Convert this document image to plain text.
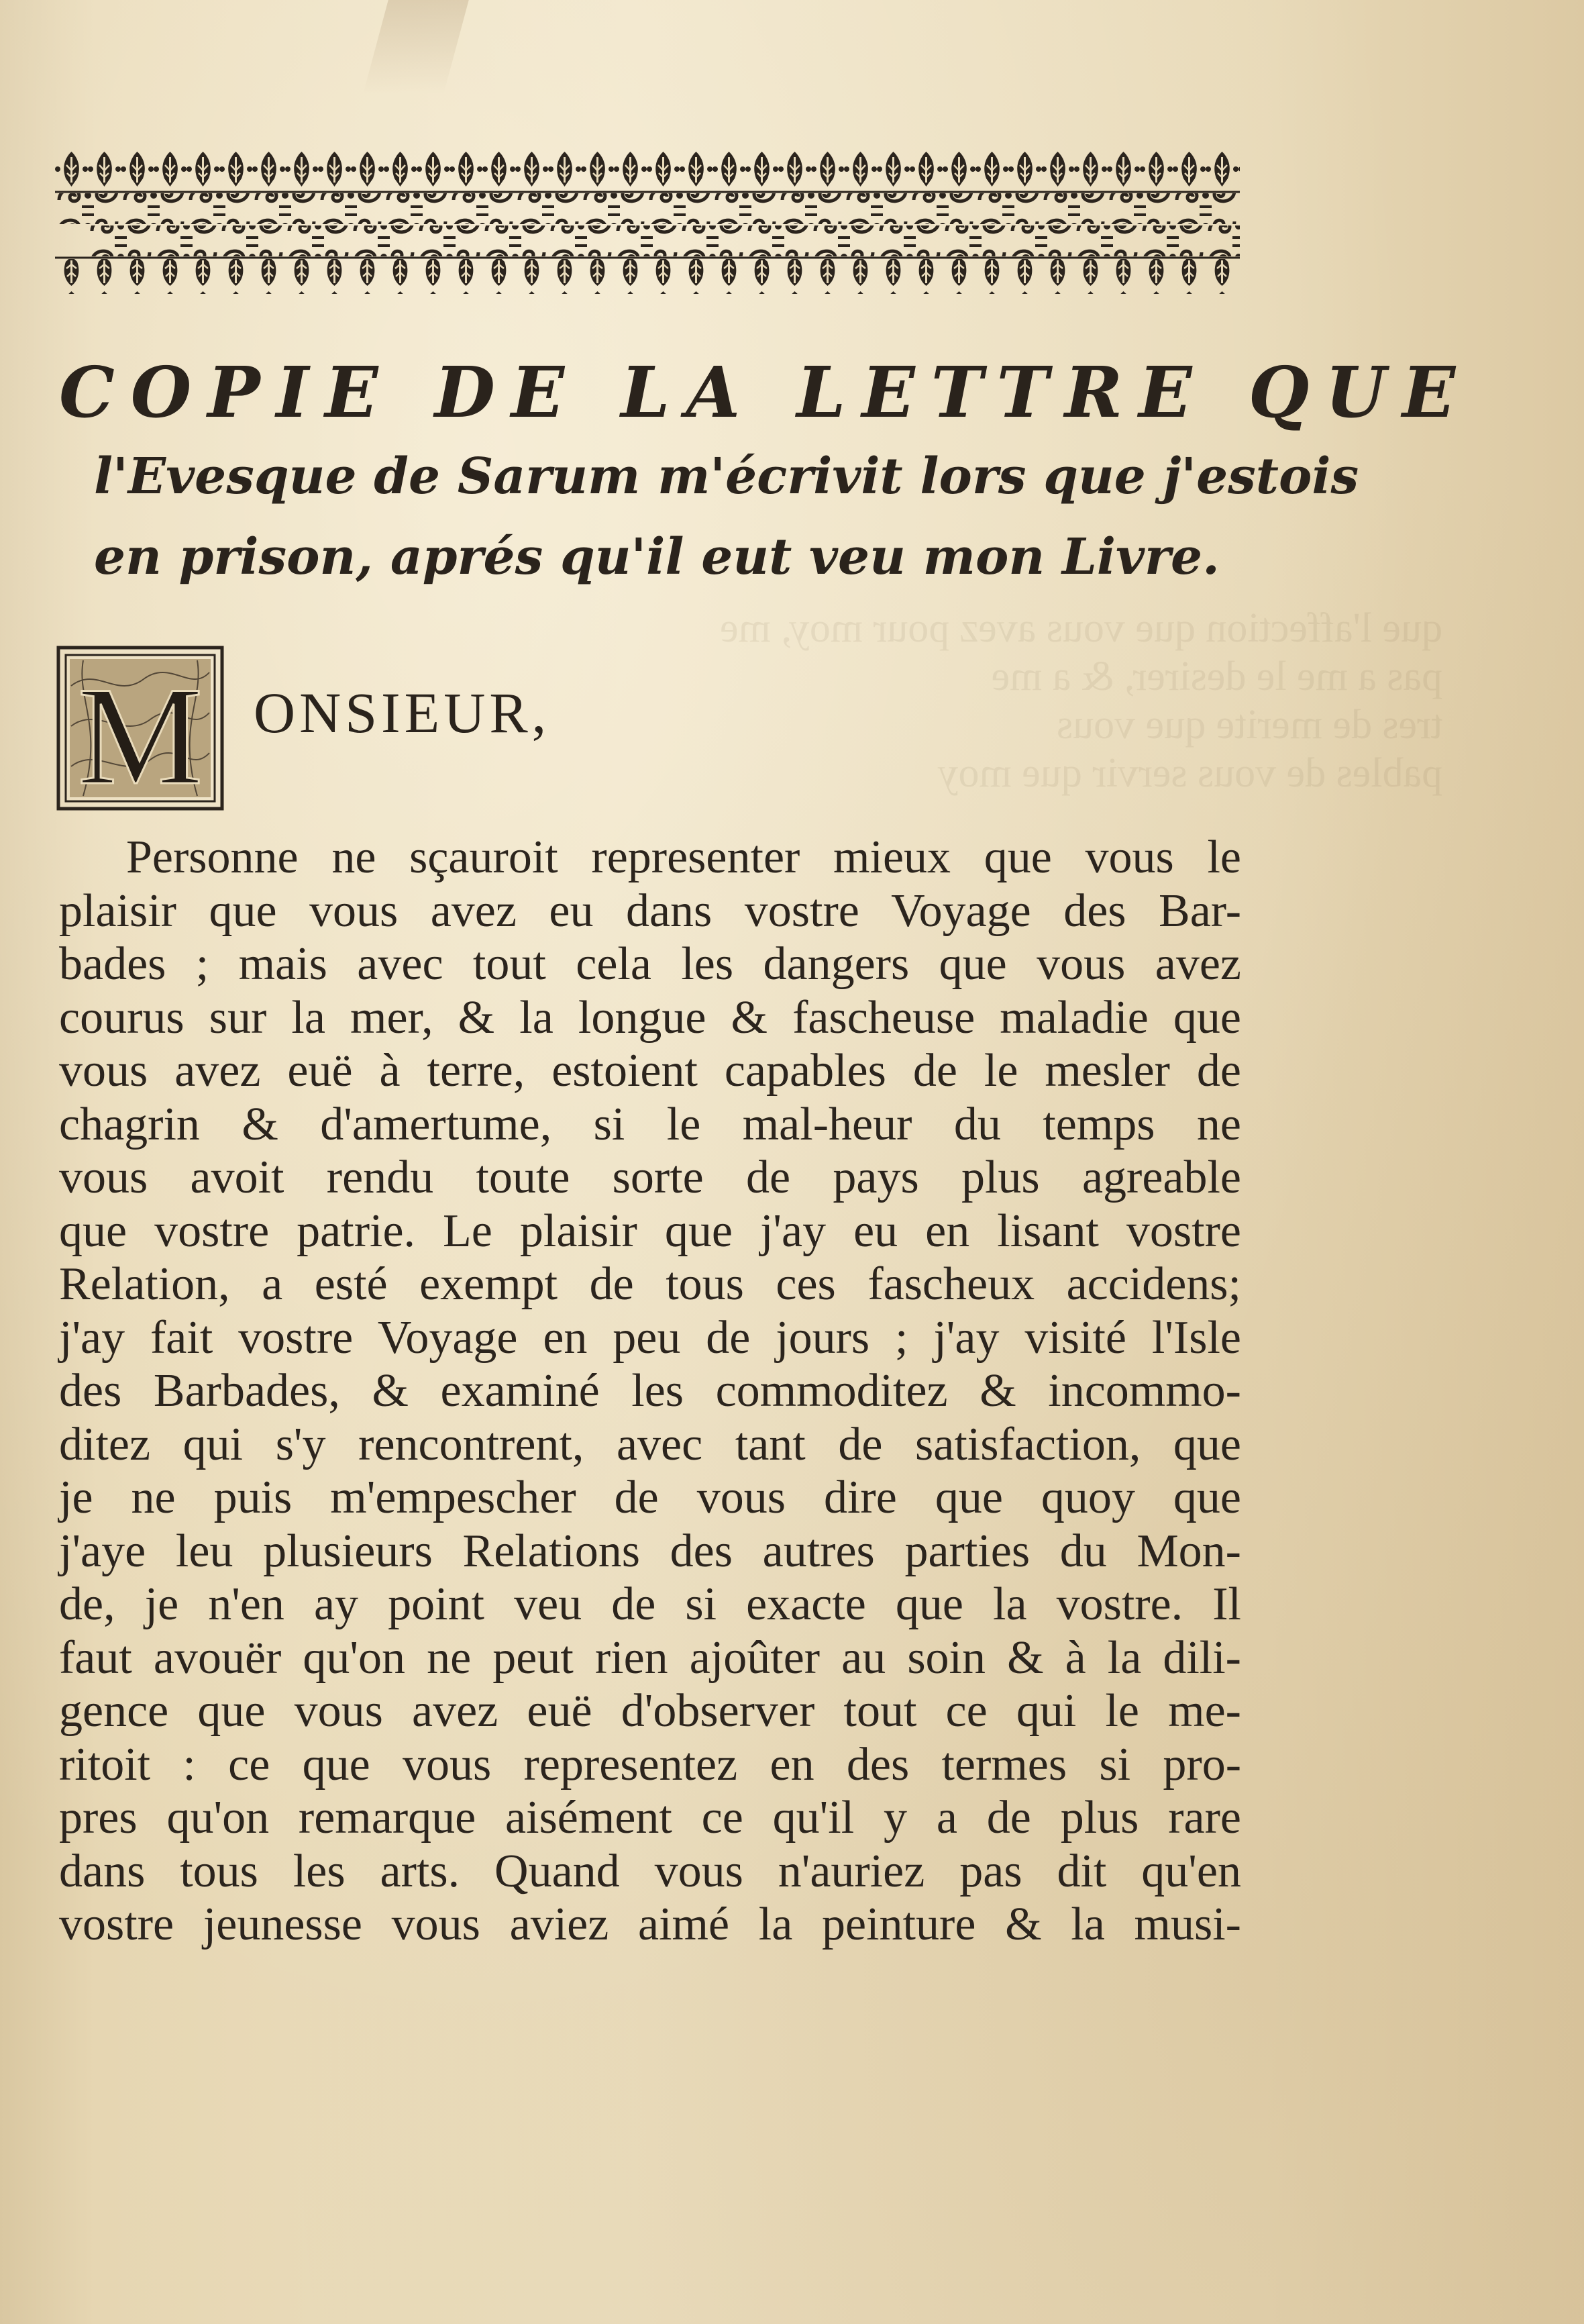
que l'affection que vous avez pour moy, me
pas a me le desirer, & a me
tres de merite que vous
pables de vous servir que moy
COPIE DE LA LETTRE QUE
l'Evesque de Sarum m'écrivit lors que j'estois
en prison, aprés qu'il eut veu mon Livre.
M ONSIEUR,
Personne ne sçauroit representer mieux que vous le
plaisir que vous avez eu dans vostre Voyage des Bar-
bades ; mais avec tout cela les dangers que vous avez
courus sur la mer, & la longue & fascheuse maladie que
vous avez euë à terre, estoient capables de le mesler de
chagrin & d'amertume, si le mal-heur du temps ne
vous avoit rendu toute sorte de pays plus agreable
que vostre patrie. Le plaisir que j'ay eu en lisant vostre
Relation, a esté exempt de tous ces fascheux accidens;
j'ay fait vostre Voyage en peu de jours ; j'ay visité l'Isle
des Barbades, & examiné les commoditez & incommo-
ditez qui s'y rencontrent, avec tant de satisfaction, que
je ne puis m'empescher de vous dire que quoy que
j'aye leu plusieurs Relations des autres parties du Mon-
de, je n'en ay point veu de si exacte que la vostre. Il
faut avouër qu'on ne peut rien ajoûter au soin & à la dili-
gence que vous avez euë d'observer tout ce qui le me-
ritoit : ce que vous representez en des termes si pro-
pres qu'on remarque aisément ce qu'il y a de plus rare
dans tous les arts. Quand vous n'auriez pas dit qu'en
vostre jeunesse vous aviez aimé la peinture & la musi-
